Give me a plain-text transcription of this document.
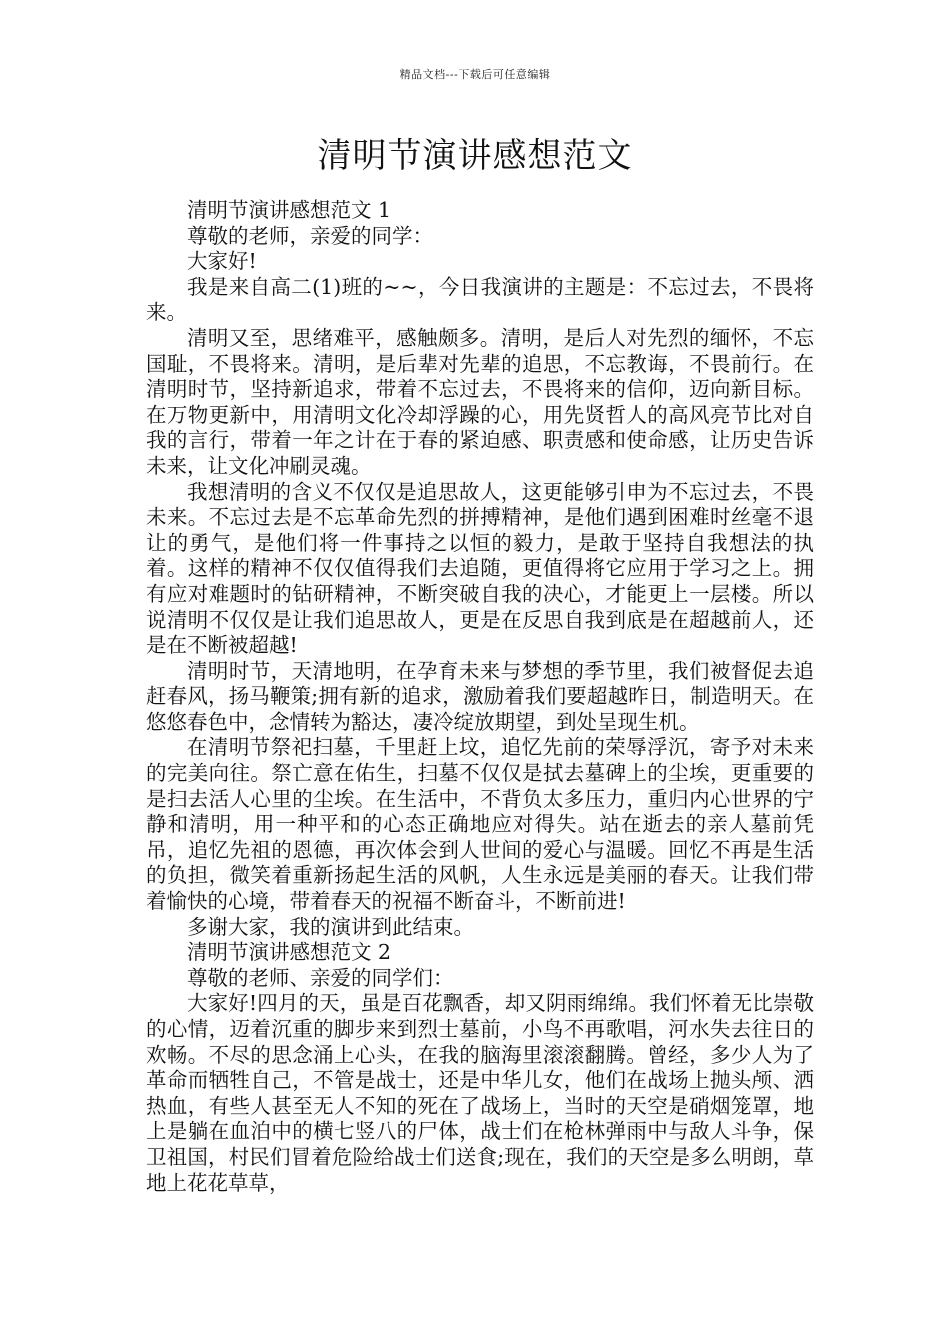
精品文档---下载后可任意编辑
清明节演讲感想范文

清明节演讲感想范文 1

尊敬的老师，亲爱的同学：

大家好!

我是来自高二(1)班的~~，今日我演讲的主题是：不忘过去，不畏将来。

清明又至，思绪难平，感触颇多。清明，是后人对先烈的缅怀，不忘国耻，不畏将来。清明，是后辈对先辈的追思，不忘教诲，不畏前行。在清明时节，坚持新追求，带着不忘过去，不畏将来的信仰，迈向新目标。在万物更新中，用清明文化冷却浮躁的心，用先贤哲人的高风亮节比对自我的言行，带着一年之计在于春的紧迫感、职责感和使命感，让历史告诉未来，让文化冲刷灵魂。

我想清明的含义不仅仅是追思故人，这更能够引申为不忘过去，不畏未来。不忘过去是不忘革命先烈的拼搏精神，是他们遇到困难时丝毫不退让的勇气，是他们将一件事持之以恒的毅力，是敢于坚持自我想法的执着。这样的精神不仅仅值得我们去追随，更值得将它应用于学习之上。拥有应对难题时的钻研精神，不断突破自我的决心，才能更上一层楼。所以说清明不仅仅是让我们追思故人，更是在反思自我到底是在超越前人，还是在不断被超越!

清明时节，天清地明，在孕育未来与梦想的季节里，我们被督促去追赶春风，扬马鞭策;拥有新的追求，激励着我们要超越昨日，制造明天。在悠悠春色中，念情转为豁达，凄冷绽放期望，到处呈现生机。

在清明节祭祀扫墓，千里赶上坟，追忆先前的荣辱浮沉，寄予对未来的完美向往。祭亡意在佑生，扫墓不仅仅是拭去墓碑上的尘埃，更重要的是扫去活人心里的尘埃。在生活中，不背负太多压力，重归内心世界的宁静和清明，用一种平和的心态正确地应对得失。站在逝去的亲人墓前凭吊，追忆先祖的恩德，再次体会到人世间的爱心与温暖。回忆不再是生活的负担，微笑着重新扬起生活的风帆，人生永远是美丽的春天。让我们带着愉快的心境，带着春天的祝福不断奋斗，不断前进!

多谢大家，我的演讲到此结束。

清明节演讲感想范文 2

尊敬的老师、亲爱的同学们：

大家好!四月的天，虽是百花飘香，却又阴雨绵绵。我们怀着无比崇敬的心情，迈着沉重的脚步来到烈士墓前，小鸟不再歌唱，河水失去往日的欢畅。不尽的思念涌上心头，在我的脑海里滚滚翻腾。曾经，多少人为了革命而牺牲自己，不管是战士，还是中华儿女，他们在战场上抛头颅、洒热血，有些人甚至无人不知的死在了战场上，当时的天空是硝烟笼罩，地上是躺在血泊中的横七竖八的尸体，战士们在枪林弹雨中与敌人斗争，保卫祖国，村民们冒着危险给战士们送食;现在，我们的天空是多么明朗，草地上花花草草，
